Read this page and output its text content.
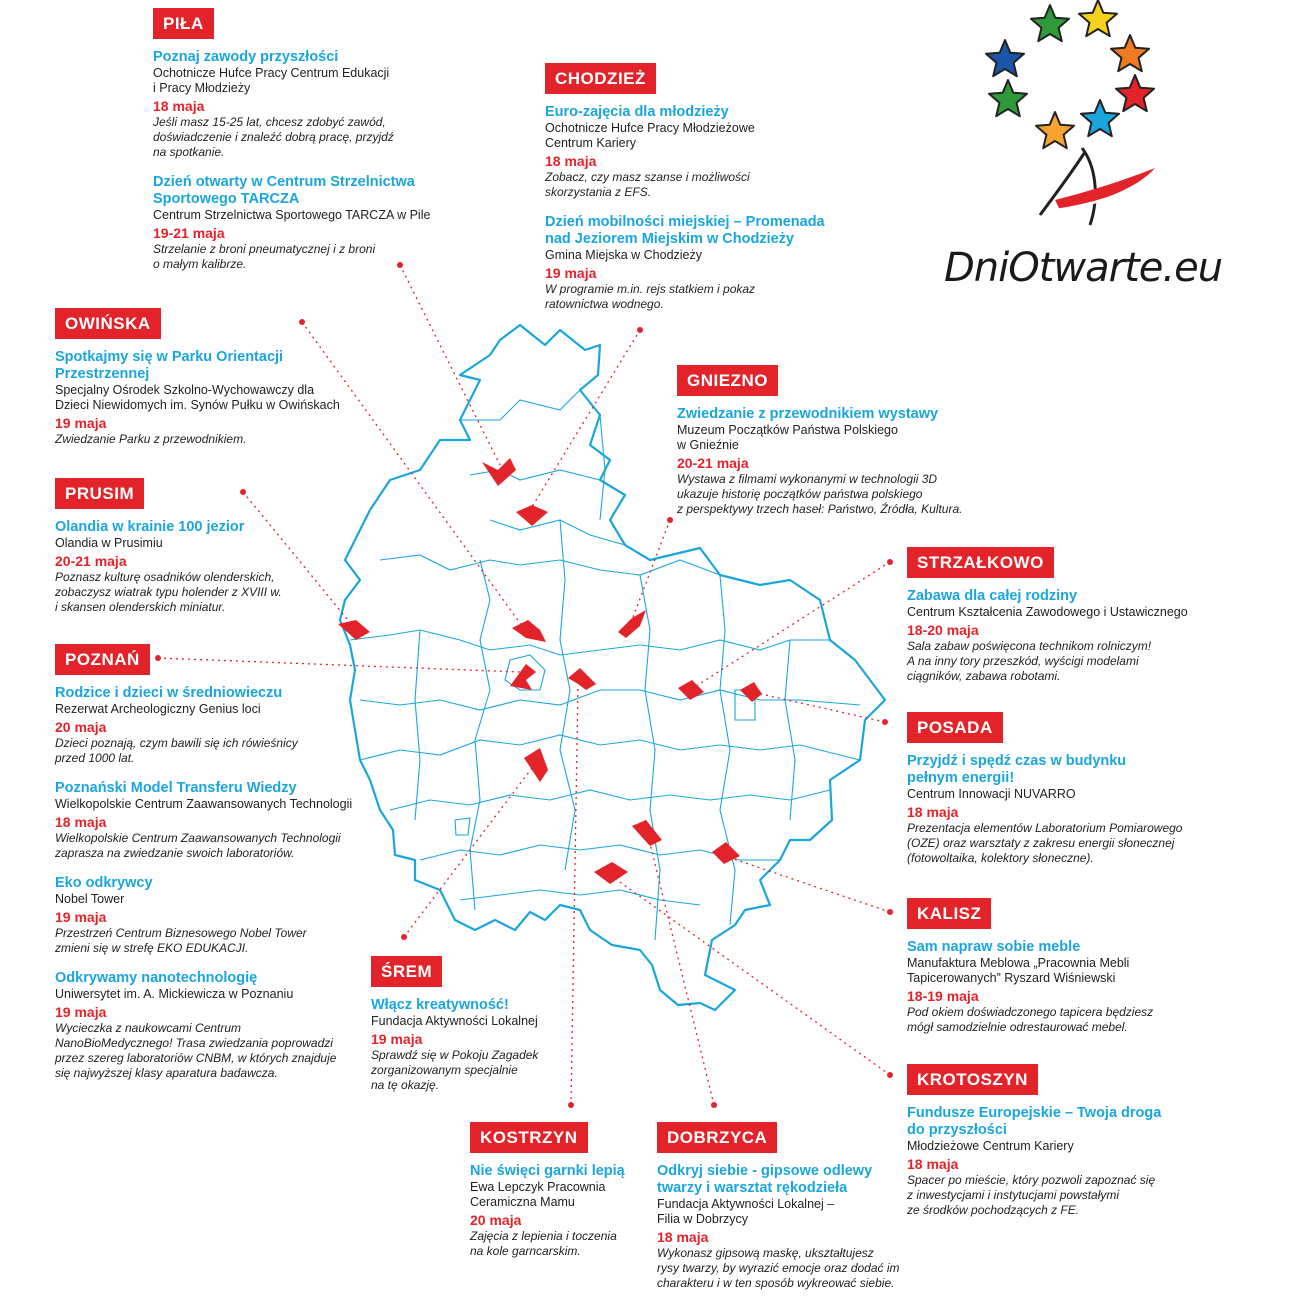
DniOtwarte.eu
PIŁA
Poznaj zawody przyszłości
Ochotnicze Hufce Pracy Centrum Edukacji
i Pracy Młodzieży
18 maja
Jeśli masz 15-25 lat, chcesz zdobyć zawód,
doświadczenie i znaleźć dobrą pracę, przyjdź
na spotkanie.
Dzień otwarty w Centrum Strzelnictwa
Sportowego TARCZA
Centrum Strzelnictwa Sportowego TARCZA w Pile
19-21 maja
Strzelanie z broni pneumatycznej i z broni
o małym kalibrze.
CHODZIEŻ
Euro-zajęcia dla młodzieży
Ochotnicze Hufce Pracy Młodzieżowe
Centrum Kariery
18 maja
Zobacz, czy masz szanse i możliwości
skorzystania z EFS.
Dzień mobilności miejskiej – Promenada
nad Jeziorem Miejskim w Chodzieży
Gmina Miejska w Chodzieży
19 maja
W programie m.in. rejs statkiem i pokaz
ratownictwa wodnego.
OWIŃSKA
Spotkajmy się w Parku Orientacji
Przestrzennej
Specjalny Ośrodek Szkolno-Wychowawczy dla
Dzieci Niewidomych im. Synów Pułku w Owińskach
19 maja
Zwiedzanie Parku z przewodnikiem.
GNIEZNO
Zwiedzanie z przewodnikiem wystawy
Muzeum Początków Państwa Polskiego
w Gnieźnie
20-21 maja
Wystawa z filmami wykonanymi w technologii 3D
ukazuje historię początków państwa polskiego
z perspektywy trzech haseł: Państwo, Źródła, Kultura.
PRUSIM
Olandia w krainie 100 jezior
Olandia w Prusimiu
20-21 maja
Poznasz kulturę osadników olenderskich,
zobaczysz wiatrak typu holender z XVIII w.
i skansen olenderskich miniatur.
STRZAŁKOWO
Zabawa dla całej rodziny
Centrum Kształcenia Zawodowego i Ustawicznego
18-20 maja
Sala zabaw poświęcona technikom rolniczym!
A na inny tory przeszkód, wyścigi modelami
ciągników, zabawa robotami.
POZNAŃ
Rodzice i dzieci w średniowieczu
Rezerwat Archeologiczny Genius loci
20 maja
Dzieci poznają, czym bawili się ich rówieśnicy
przed 1000 lat.
Poznański Model Transferu Wiedzy
Wielkopolskie Centrum Zaawansowanych Technologii
18 maja
Wielkopolskie Centrum Zaawansowanych Technologii
zaprasza na zwiedzanie swoich laboratoriów.
Eko odkrywcy
Nobel Tower
19 maja
Przestrzeń Centrum Biznesowego Nobel Tower
zmieni się w strefę EKO EDUKACJI.
Odkrywamy nanotechnologię
Uniwersytet im. A. Mickiewicza w Poznaniu
19 maja
Wycieczka z naukowcami Centrum
NanoBioMedycznego! Trasa zwiedzania poprowadzi
przez szereg laboratoriów CNBM, w których znajduje
się najwyższej klasy aparatura badawcza.
POSADA
Przyjdź i spędź czas w budynku
pełnym energii!
Centrum Innowacji NUVARRO
18 maja
Prezentacja elementów Laboratorium Pomiarowego
(OZE) oraz warsztaty z zakresu energii słonecznej
(fotowoltaika, kolektory słoneczne).
KALISZ
Sam napraw sobie meble
Manufaktura Meblowa „Pracownia Mebli
Tapicerowanych” Ryszard Wiśniewski
18-19 maja
Pod okiem doświadczonego tapicera będziesz
mógł samodzielnie odrestaurować mebel.
ŚREM
Włącz kreatywność!
Fundacja Aktywności Lokalnej
19 maja
Sprawdź się w Pokoju Zagadek
zorganizowanym specjalnie
na tę okazję.	KROTOSZYN
Fundusze Europejskie – Twoja droga
do przyszłości
Młodzieżowe Centrum Kariery
18 maja
Spacer po mieście, który pozwoli zapoznać się
z inwestycjami i instytucjami powstałymi
ze środków pochodzących z FE.
KOSTRZYN
Nie święci garnki lepią
Ewa Lepczyk Pracownia
Ceramiczna Mamu
20 maja
Zajęcia z lepienia i toczenia
na kole garncarskim.
DOBRZYCA
Odkryj siebie - gipsowe odlewy
twarzy i warsztat rękodzieła
Fundacja Aktywności Lokalnej –
Filia w Dobrzycy
18 maja
Wykonasz gipsową maskę, ukształtujesz
rysy twarzy, by wyrazić emocje oraz dodać im
charakteru i w ten sposób wykreować siebie.
